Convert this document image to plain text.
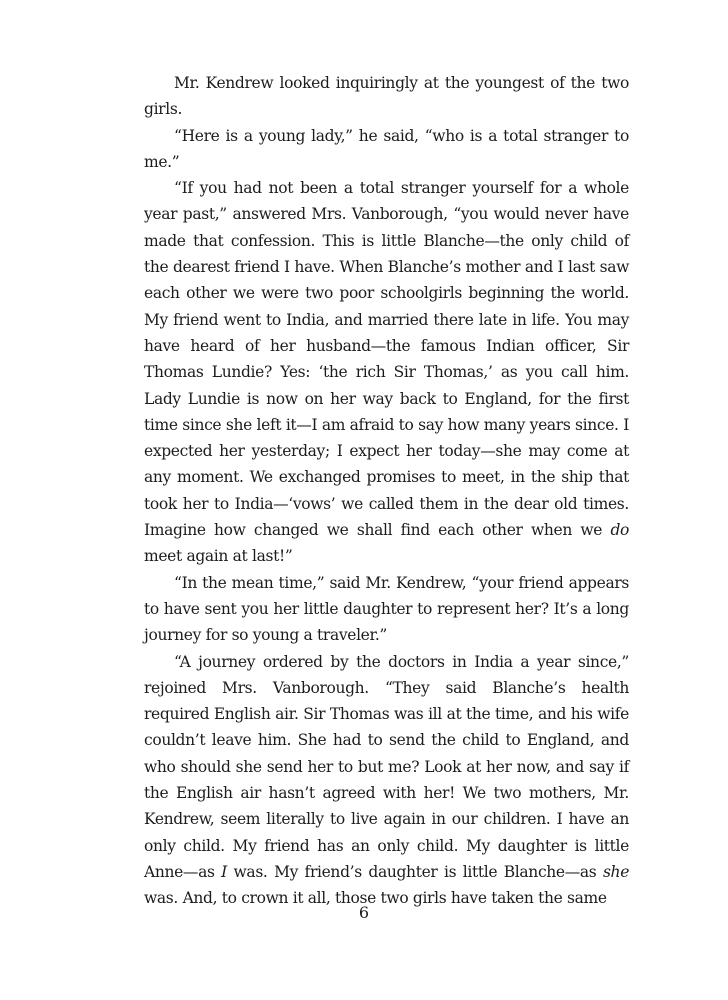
Mr. Kendrew looked inquiringly at the youngest of the two girls.

“Here is a young lady,” he said, “who is a total stranger to me.”

“If you had not been a total stranger yourself for a whole year past,” answered Mrs. Vanborough, “you would never have made that confession. This is little Blanche—the only child of the dearest friend I have. When Blanche’s mother and I last saw each other we were two poor schoolgirls beginning the world. My friend went to India, and married there late in life. You may have heard of her husband—the famous Indian officer, Sir Thomas Lundie? Yes: ‘the rich Sir Thomas,’ as you call him. Lady Lundie is now on her way back to England, for the first time since she left it—I am afraid to say how many years since. I expected her yesterday; I expect her today—she may come at any moment. We exchanged promises to meet, in the ship that took her to India—‘vows’ we called them in the dear old times. Imagine how changed we shall find each other when we do meet again at last!”

“In the mean time,” said Mr. Kendrew, “your friend appears to have sent you her little daughter to represent her? It’s a long journey for so young a traveler.”

“A journey ordered by the doctors in India a year since,” rejoined Mrs. Vanborough. “They said Blanche’s health required English air. Sir Thomas was ill at the time, and his wife couldn’t leave him. She had to send the child to England, and who should she send her to but me? Look at her now, and say if the English air hasn’t agreed with her! We two mothers, Mr. Kendrew, seem literally to live again in our children. I have an only child. My friend has an only child. My daughter is little Anne—as I was. My friend’s daughter is little Blanche—as she was. And, to crown it all, those two girls have taken the same

6
